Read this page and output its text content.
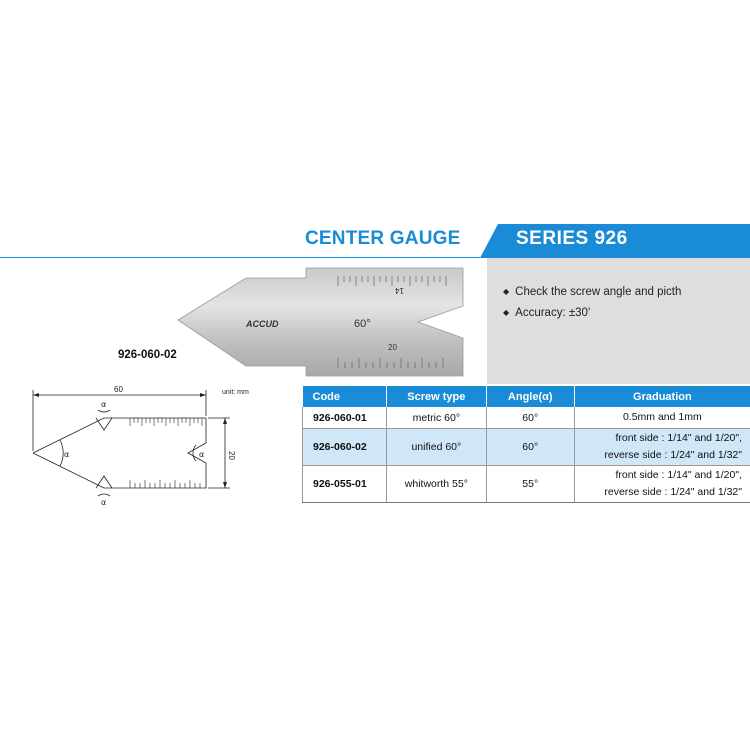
CENTER GAUGE	SERIES 926
◆ Check the screw angle and picth
◆ Accuracy: ±30'
ACCUD	60°
14
20
926-060-02
60
20
α
α
α
α
unit: mm	Code	Screw type	Angle(α)	Graduation
926-060-01	metric 60°	60°	0.5mm and 1mm
926-060-02	unified 60°	60°	front side : 1/14" and 1/20",
reverse side : 1/24" and 1/32"

926-055-01	whitworth 55°	55°	front side : 1/14" and 1/20",
reverse side : 1/24" and 1/32"
